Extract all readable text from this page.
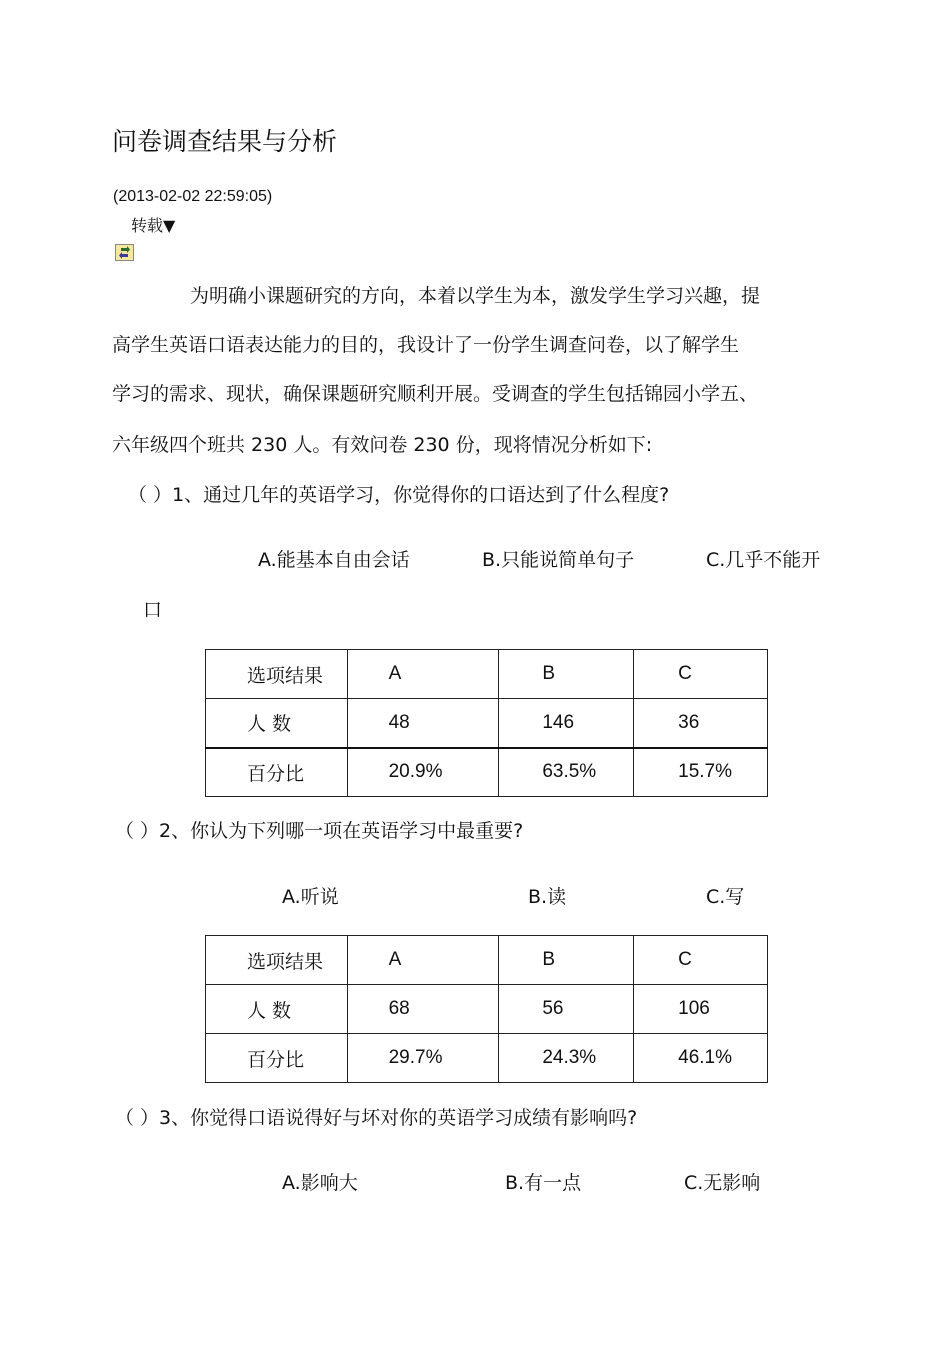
问卷调查结果与分析
(2013-02-02 22:59:05)
转载▼
为明确小课题研究的方向，本着以学生为本，激发学生学习兴趣，提
高学生英语口语表达能力的目的，我设计了一份学生调查问卷，以了解学生
学习的需求、现状，确保课题研究顺利开展。受调查的学生包括锦园小学五、
六年级四个班共 230 人。有效问卷 230 份，现将情况分析如下:
（ ）1、通过几年的英语学习，你觉得你的口语达到了什么程度?
A.能基本自由会话	B.只能说简单句子	C.几乎不能开
口
选项结果	A	B	C
人 数	48	146	36
百分比	20.9%	63.5%	15.7%
（ ）2、你认为下列哪一项在英语学习中最重要?
A.听说	B.读	C.写
选项结果	A	B	C
人 数	68	56	106
百分比	29.7%	24.3%	46.1%
（ ）3、你觉得口语说得好与坏对你的英语学习成绩有影响吗?
A.影响大	B.有一点	C.无影响
